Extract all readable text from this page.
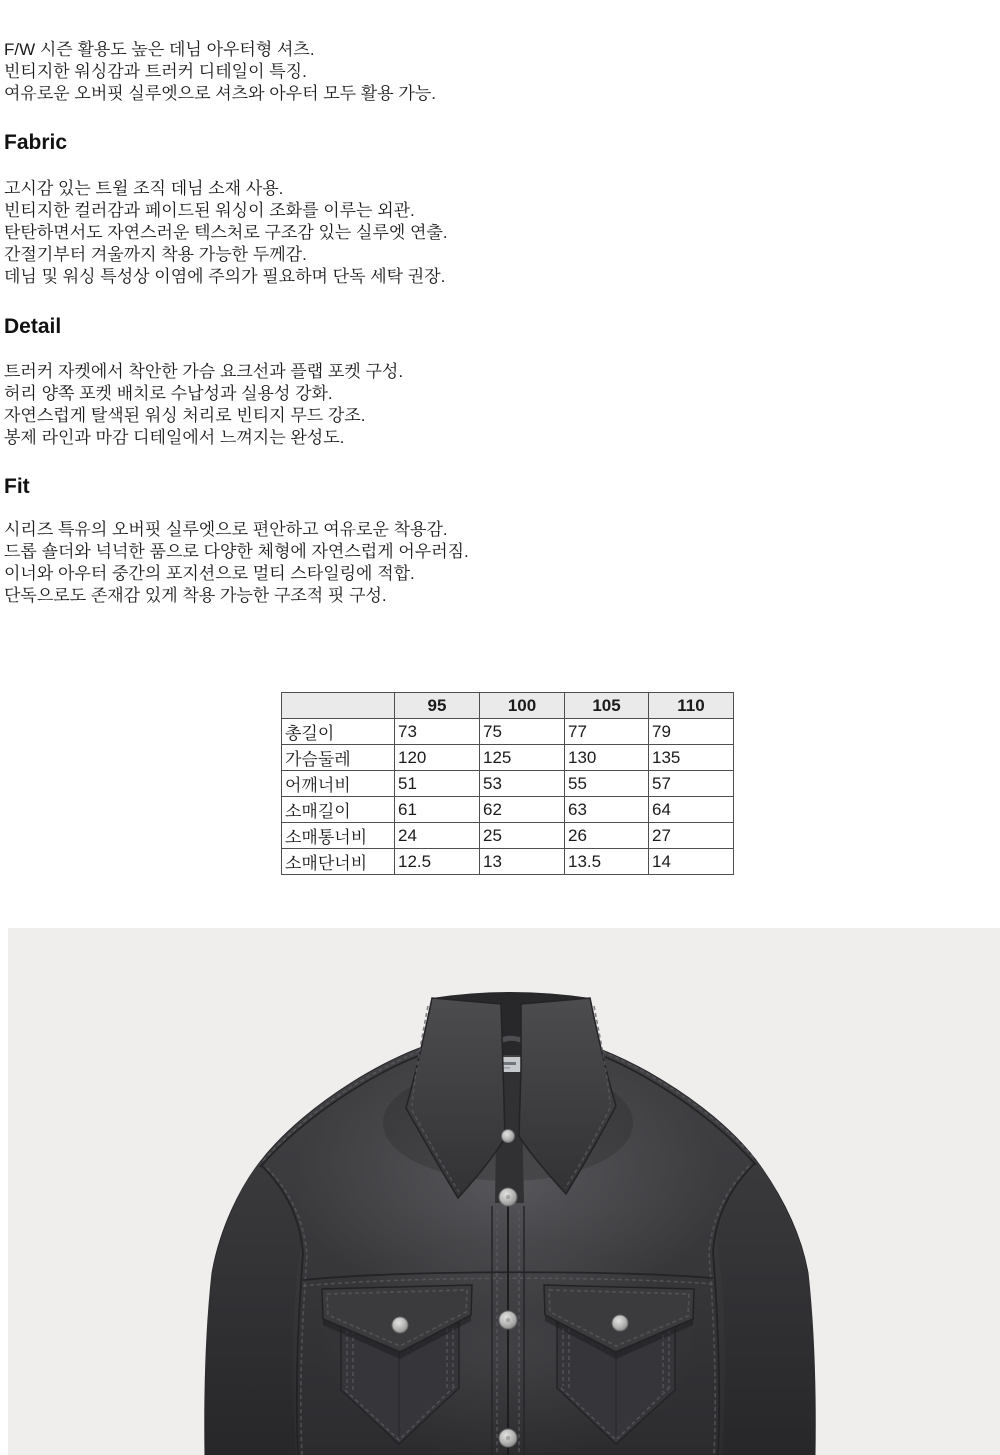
F/W 시즌 활용도 높은 데님 아우터형 셔츠.
빈티지한 워싱감과 트러커 디테일이 특징.
여유로운 오버핏 실루엣으로 셔츠와 아우터 모두 활용 가능.
Fabric
고시감 있는 트윌 조직 데님 소재 사용.
빈티지한 컬러감과 페이드된 워싱이 조화를 이루는 외관.
탄탄하면서도 자연스러운 텍스처로 구조감 있는 실루엣 연출.
간절기부터 겨울까지 착용 가능한 두께감.
데님 및 워싱 특성상 이염에 주의가 필요하며 단독 세탁 권장.
Detail
트러커 자켓에서 착안한 가슴 요크선과 플랩 포켓 구성.
허리 양쪽 포켓 배치로 수납성과 실용성 강화.
자연스럽게 탈색된 워싱 처리로 빈티지 무드 강조.
봉제 라인과 마감 디테일에서 느껴지는 완성도.
Fit
시리즈 특유의 오버핏 실루엣으로 편안하고 여유로운 착용감.
드롭 숄더와 넉넉한 품으로 다양한 체형에 자연스럽게 어우러짐.
이너와 아우터 중간의 포지션으로 멀티 스타일링에 적합.
단독으로도 존재감 있게 착용 가능한 구조적 핏 구성.
	95	100	105	110
총길이	73	75	77	79
가슴둘레	120	125	130	135
어깨너비	51	53	55	57
소매길이	61	62	63	64
소매통너비	24	25	26	27
소매단너비	12.5	13	13.5	14
